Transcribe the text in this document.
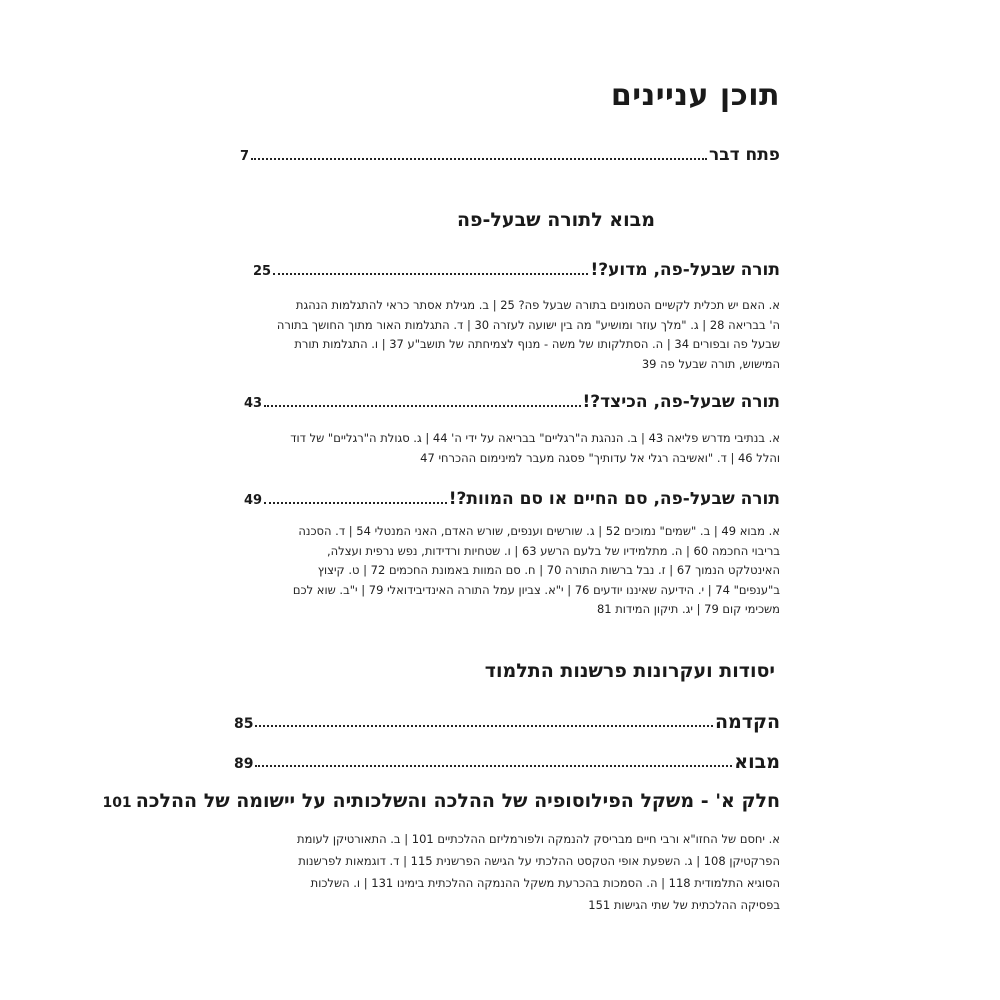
תוכן עניינים
פתח דבר
7
מבוא לתורה שבעל-פה
תורה שבעל-פה, מדוע?!
25

א. האם יש תכלית לקשיים הטמונים בתורה שבעל פה? 25 | ב. מגילת אסתר כראי להתגלמות הנהגת

ה' בבריאה 28 | ג. "מלך עוזר ומושיע" מה בין ישועה לעזרה 30 | ד. התגלמות האור מתוך החושך בתורה

שבעל פה ובפורים 34 | ה. הסתלקותו של משה - מנוף לצמיחתה של תושב"ע 37 | ו. התגלמות תורת

המישוש, תורה שבעל פה 39

תורה שבעל-פה, הכיצד?!
43

א. בנתיבי מדרש פליאה 43 | ב. הנהגת ה"רגליים" בבריאה על ידי ה' 44 | ג. סגולת ה"רגליים" של דוד

והלל 46 | ד. "ואשיבה רגלי אל עדותיך" פסגה מעבר למינימום ההכרחי 47

תורה שבעל-פה, סם החיים או סם המוות?!
49

א. מבוא 49 | ב. "שמים" נמוכים 52 | ג. שורשים וענפים, שורש האדם, האני המנטלי 54 | ד. הסכנה

בריבוי החכמה 60 | ה. מתלמידיו של בלעם הרשע 63 | ו. שטחיות ורדידות, נפש נרפית ועצלה,

האינטלקט הנמוך 67 | ז. נבל ברשות התורה 70 | ח. סם המוות באמונת החכמים 72 | ט. קיצוץ

ב"ענפים" 74 | י. הידיעה שאיננו יודעים 76 | י"א. צביון עמל התורה האינדיבידואלי 79 | י"ב. שוא לכם

משכימי קום 79 | יג. תיקון המידות 81

יסודות ועקרונות פרשנות התלמוד
הקדמה
85
מבוא
89
חלק א' - משקל הפילוסופיה של ההלכה והשלכותיה על יישומה של ההלכה
101

א. יחסם של החזו"א ורבי חיים מבריסק להנמקה ולפורמליזם ההלכתיים 101 | ב. התאורטיקן לעומת

הפרקטיקן 108 | ג. השפעת אופי הטקסט ההלכתי על הגישה הפרשנית 115 | ד. דוגמאות לפרשנות

הסוגיא התלמודית 118 | ה. הסמכות בהכרעת משקל ההנמקה ההלכתית בימינו 131 | ו. השלכות

בפסיקה ההלכתית של שתי הגישות 151
